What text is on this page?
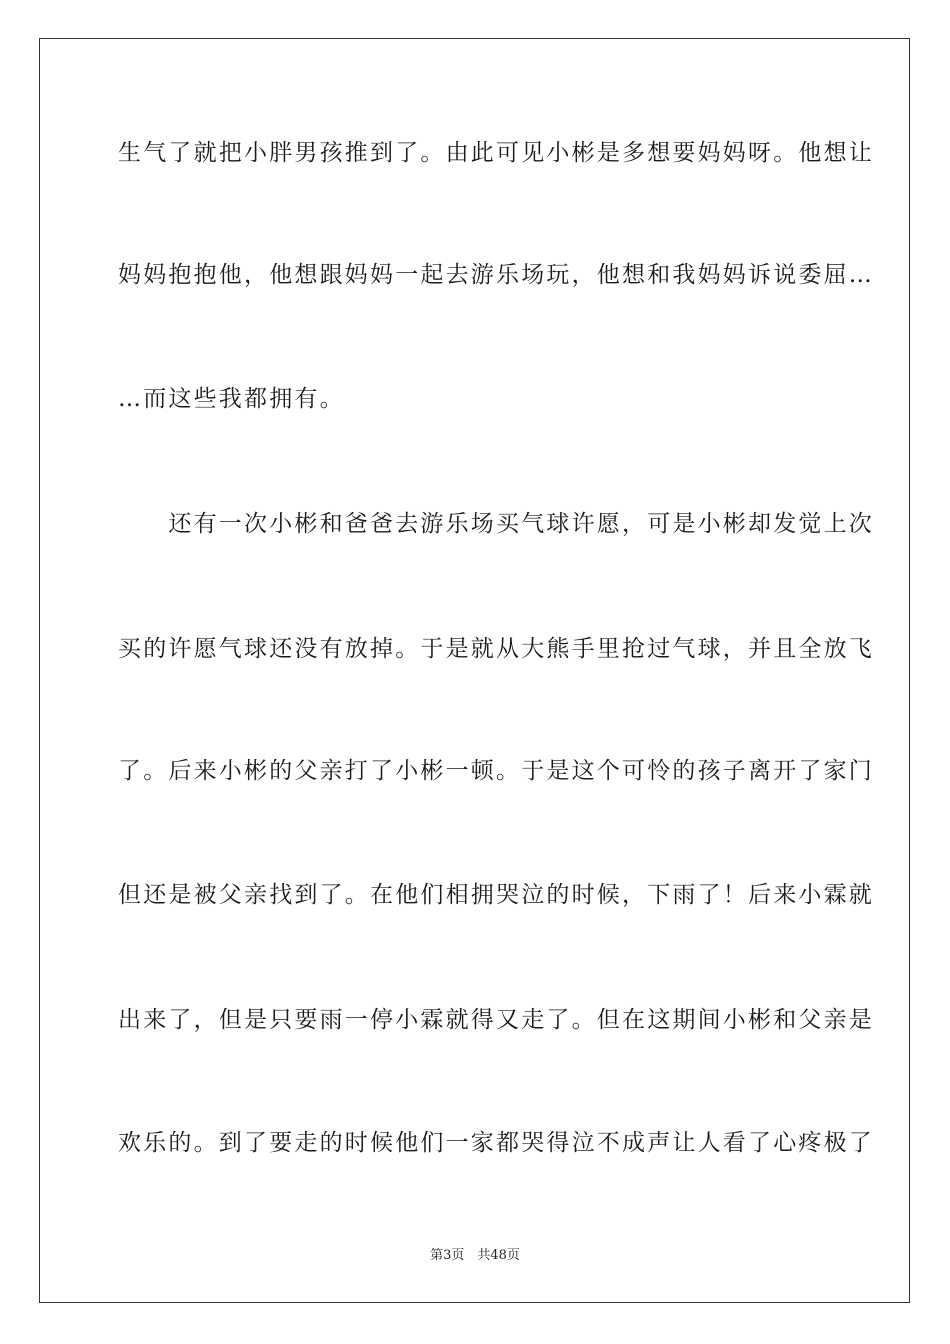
生气了就把小胖男孩推到了。由此可见小彬是多想要妈妈呀。他想让
妈妈抱抱他，他想跟妈妈一起去游乐场玩，他想和我妈妈诉说委屈…
…而这些我都拥有。
　　还有一次小彬和爸爸去游乐场买气球许愿，可是小彬却发觉上次
买的许愿气球还没有放掉。于是就从大熊手里抢过气球，并且全放飞
了。后来小彬的父亲打了小彬一顿。于是这个可怜的孩子离开了家门
但还是被父亲找到了。在他们相拥哭泣的时候，下雨了！后来小霖就
出来了，但是只要雨一停小霖就得又走了。但在这期间小彬和父亲是
欢乐的。到了要走的时候他们一家都哭得泣不成声让人看了心疼极了
第3页　共48页
